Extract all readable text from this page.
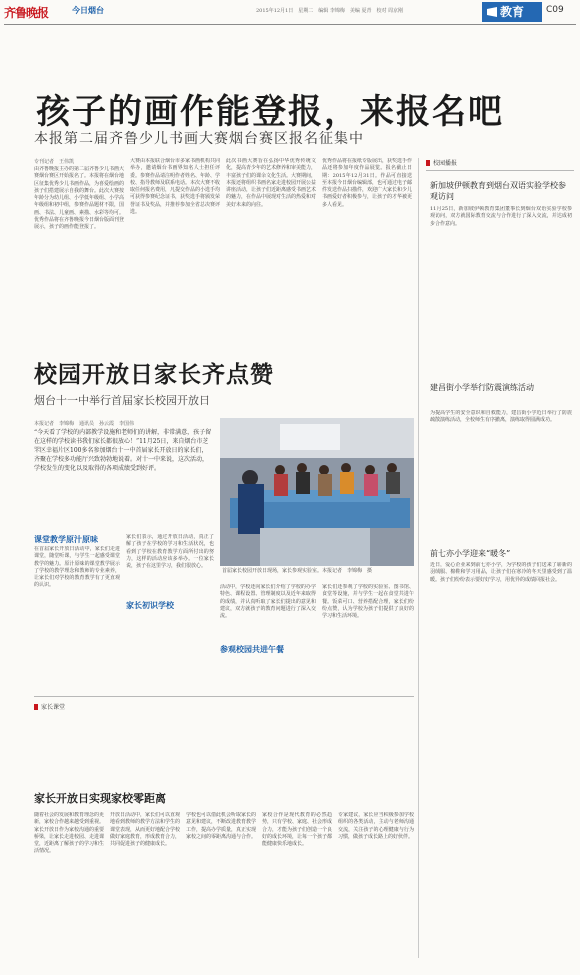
齐鲁晚报	今日烟台	2015年12月1日　星期二　编辑 李锦梅　美编 夏青　校对 周京刚	教育	C09
孩子的画作能登报，来报名吧
本报第二届齐鲁少儿书画大赛烟台赛区报名征集中
专刊记者　王伟凯
由齐鲁晚报主办的第二届齐鲁少儿书画大赛烟台赛区开始报名了。本报将在烟台地区征集优秀少儿书画作品，为喜爱绘画的孩子们搭建展示自我的舞台。此次大赛按年龄分为幼儿组、小学低年级组、小学高年级组和初中组，参赛作品题材不限，国画、书法、儿童画、素描、水彩等均可。优秀作品将在齐鲁晚报今日烟台版面刊登展示，孩子的画作能登报了。
大赛由本报联合烟台市多家书画机构共同举办，邀请烟台书画界知名人士担任评委。参赛作品请注明作者姓名、年龄、学校、指导教师及联系电话。本次大赛不收取任何报名费用，凡提交作品的小选手均可获得参赛纪念证书，获奖选手将颁发荣誉证书及奖品，并推荐参加全省总决赛评选。
此次书画大赛旨在弘扬中华优秀传统文化，提高青少年的艺术修养和审美能力，丰富孩子们的课余文化生活。大赛期间，本报还将组织书画名家走进校园开展公益讲座活动，让孩子们近距离感受书画艺术的魅力，在作品中展现对生活的热爱和对美好未来的向往。
优秀作品将在报纸专版展出，获奖选手作品还将参加年度作品展览。报名截止日期：2015年12月31日。作品可直接送至本报今日烟台编辑部，也可通过电子邮件发送作品扫描件，欢迎广大家长和少儿书画爱好者积极参与，让孩子的才华被更多人看见。
校园开放日家长齐点赞
烟台十一中举行首届家长校园开放日
本报记者　李锦梅　通讯员　孙云霞　李国伟
“今天看了学校的内部教学设施和老师们的讲解，非常满意，孩子留在这样的学校读书我们家长都很放心！”11月25日，来自烟台市芝罘区幸福片区100多名参加烟台十一中首届家长开放日的家长们，齐聚在学校多功能厅兴致勃勃地说着。对十一中来说，这次活动，学校发生的变化以及取得的各项成绩受到好评。
首届家长校园开放日现场，家长参观实验室。本报记者　李锦梅　摄
课堂教学原汁原味
在首届家长开放日活动中，家长们走进课堂，随堂听课，与学生一起感受课堂教学的魅力。原汁原味的课堂教学展示了学校的教学理念和教师的专业素养，让家长们对学校的教育教学有了更直观的认识。
家长们表示，通过开放日活动，真正了解了孩子在学校的学习和生活状况，也看到了学校在教育教学方面所付出的努力，这样的活动应该多举办。一位家长说，孩子在这里学习，我们很放心。
家长初识学校
活动中，学校还向家长们介绍了学校的办学特色、课程设置、管理制度以及近年来取得的成绩，并认真听取了家长们提出的意见和建议，双方就孩子的教育问题进行了深入交流。
家长们还参观了学校的实验室、图书馆、食堂等设施，并与学生一起在食堂共进午餐。饭菜可口、营养搭配合理，家长们纷纷点赞，认为学校为孩子们提供了良好的学习和生活环境。
参观校园共进午餐
家长课堂
家长开放日实现家校零距离
随着社会的发展和教育理念的更新，家校合作越来越受到重视。家长开放日作为家校沟通的重要桥梁，让家长走进校园、走进课堂，近距离了解孩子的学习和生活情况。
开放日活动中，家长们可以直观地看到教师的教学方法和学生的课堂表现，从而更好地配合学校做好家庭教育，形成教育合力，共同促进孩子的健康成长。
学校也可以借此机会听取家长的意见和建议，不断改进教育教学工作，提高办学质量，真正实现家校之间的零距离沟通与合作。
家校合作是现代教育的必然趋势，只有学校、家庭、社会形成合力，才能为孩子们创造一个良好的成长环境，让每一个孩子都能健康快乐地成长。
专家建议，家长应当积极参加学校组织的各类活动，主动与老师沟通交流，关注孩子的心理健康与行为习惯，做孩子成长路上的好伙伴。
校园播报
新加坡伊顿教育到烟台双语实验学校参观访问
11月25日，新加坡伊顿教育集团董事长到烟台双语实验学校参观访问，双方就国际教育交流与合作进行了深入交流，并达成初步合作意向。
建昌街小学举行防震演练活动
为提高学生的安全意识和自救能力，建昌街小学近日举行了防震疏散演练活动，全校师生有序撤离，演练取得圆满成功。
前七亦小学迎来“暖冬”
近日，爱心企业来到前七亦小学，为学校的孩子们送来了崭新的羽绒服、棉鞋和学习用品，让孩子们在寒冷的冬天里感受到了温暖。孩子们纷纷表示要好好学习，用优异的成绩回报社会。
